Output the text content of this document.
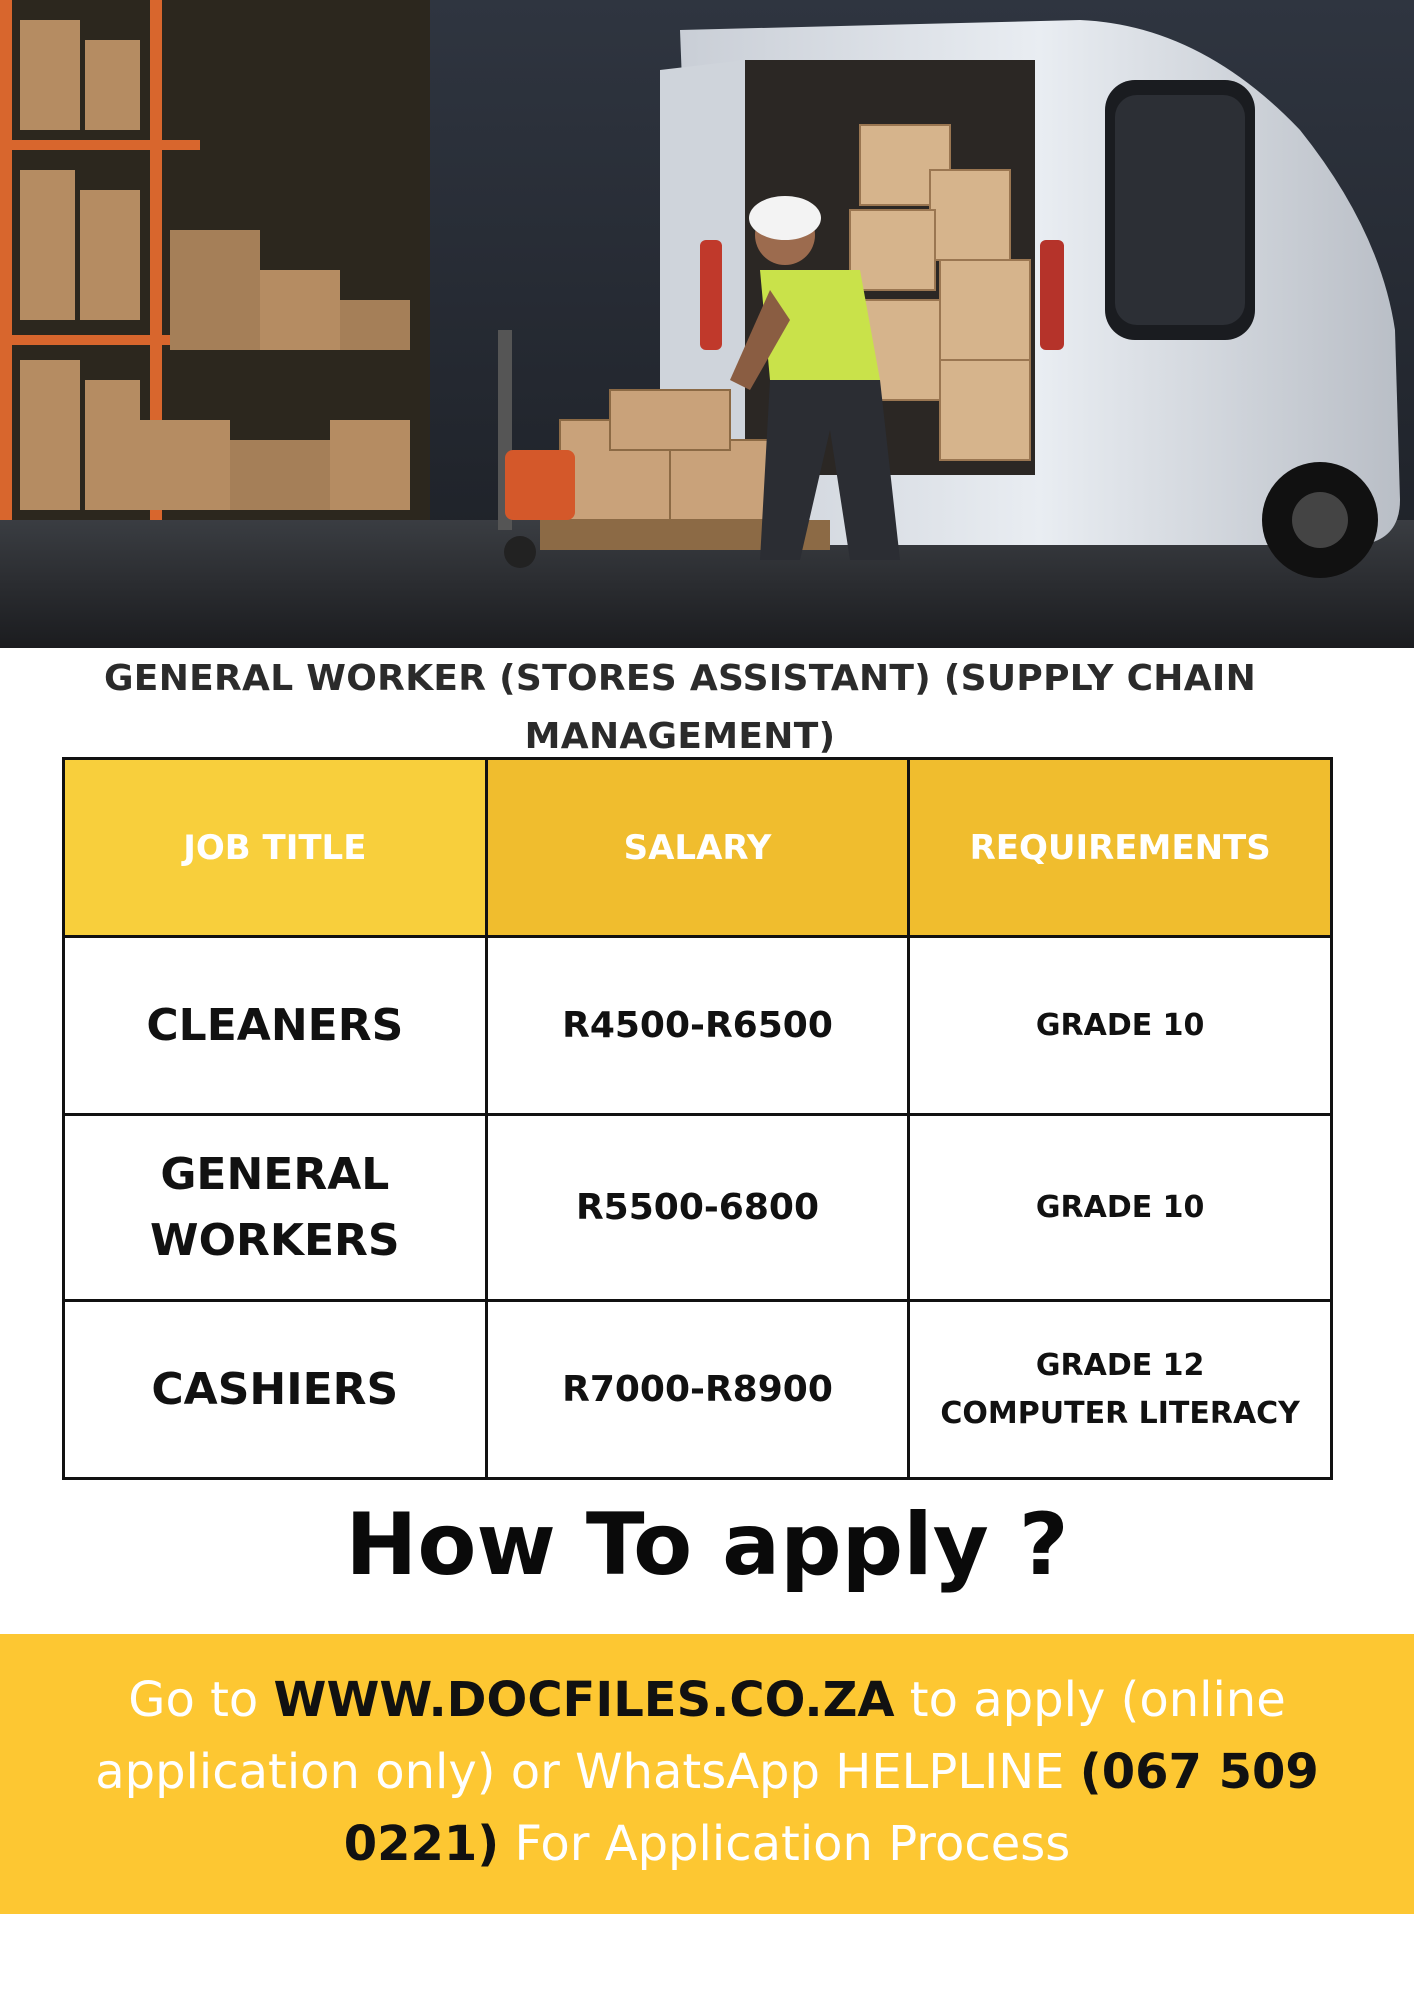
GENERAL WORKER (STORES ASSISTANT) (SUPPLY CHAIN
MANAGEMENT)
JOB TITLE	SALARY	REQUIREMENTS

CLEANERS	R4500-R6500	GRADE 10

GENERAL
WORKERS	R5500-6800	GRADE 10

CASHIERS	R7000-R8900	GRADE 12
COMPUTER LITERACY
How To apply ?
Go to WWW.DOCFILES.CO.ZA to apply (online application only) or WhatsApp HELPLINE (067 509 0221) For Application Process
